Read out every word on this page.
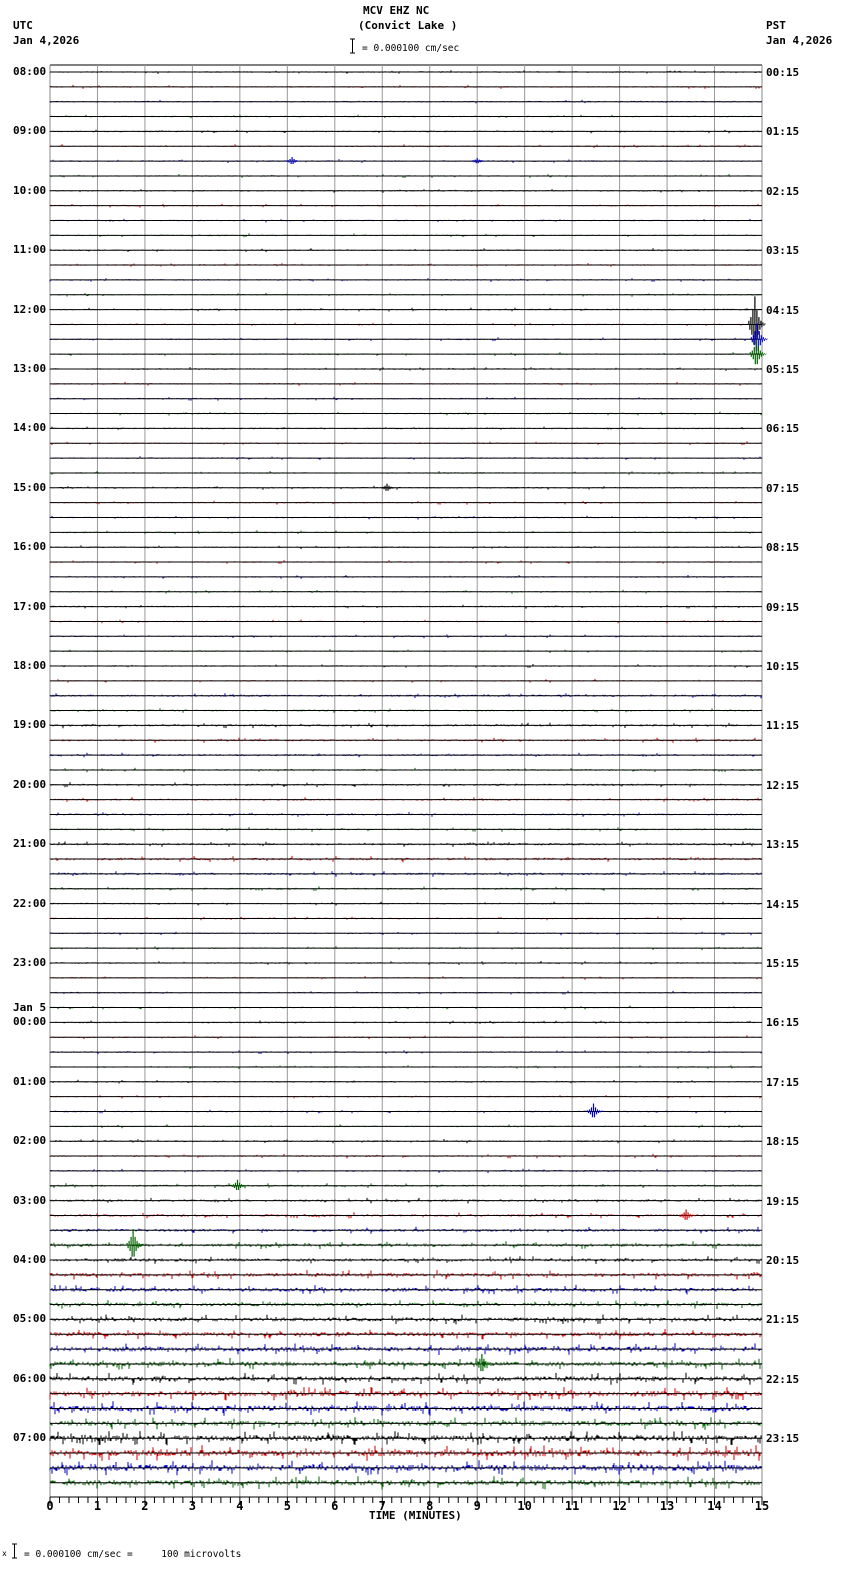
MCV EHZ NC
(Convict Lake )
UTC
Jan 4,2026
PST
Jan 4,2026
= 0.000100 cm/sec
08:00
09:00
10:00
11:00
12:00
13:00
14:00
15:00
16:00
17:00
18:00
19:00
20:00
21:00
22:00
23:00
Jan 5
00:00
01:00
02:00
03:00
04:00
05:00
06:00
07:00
00:15
01:15
02:15
03:15
04:15
05:15
06:15
07:15
08:15
09:15
10:15
11:15
12:15
13:15
14:15
15:15
16:15
17:15
18:15
19:15
20:15
21:15
22:15
23:15
0	1	2	3	4	5	6	7	8	9	10	11	12	13	14	15
TIME (MINUTES)
x = 0.000100 cm/sec =     100 microvolts
